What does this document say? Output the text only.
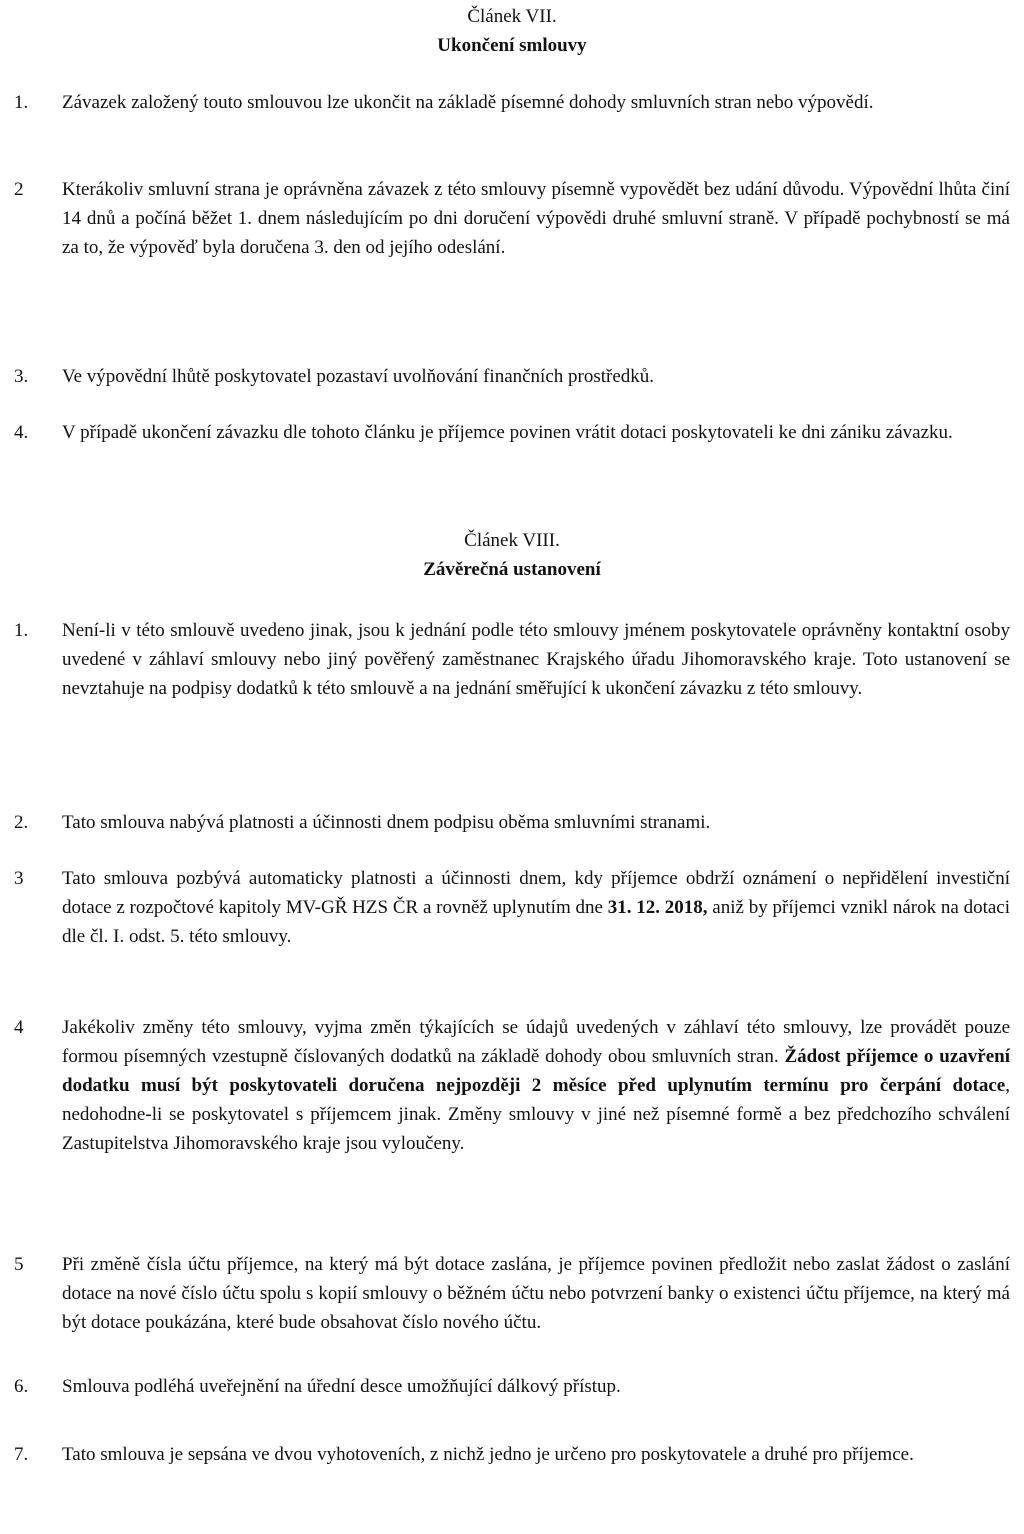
Článek VII.
Ukončení smlouvy
1.	Závazek založený touto smlouvou lze ukončit na základě písemné dohody smluvních stran nebo výpovědí.
2	Kterákoliv smluvní strana je oprávněna závazek z této smlouvy písemně vypovědět bez udání důvodu. Výpovědní lhůta činí 14 dnů a počíná běžet 1. dnem následujícím po dni doručení výpovědi druhé smluvní straně. V případě pochybností se má za to, že výpověď byla doručena 3. den od jejího odeslání.
3.	Ve výpovědní lhůtě poskytovatel pozastaví uvolňování finančních prostředků.
4.	V případě ukončení závazku dle tohoto článku je příjemce povinen vrátit dotaci poskytovateli ke dni zániku závazku.
Článek VIII.
Závěrečná ustanovení
1.	Není-li v této smlouvě uvedeno jinak, jsou k jednání podle této smlouvy jménem poskytovatele oprávněny kontaktní osoby uvedené v záhlaví smlouvy nebo jiný pověřený zaměstnanec Krajského úřadu Jihomoravského kraje. Toto ustanovení se nevztahuje na podpisy dodatků k této smlouvě a na jednání směřující k ukončení závazku z této smlouvy.
2.	Tato smlouva nabývá platnosti a účinnosti dnem podpisu oběma smluvními stranami.
3	Tato smlouva pozbývá automaticky platnosti a účinnosti dnem, kdy příjemce obdrží oznámení o nepřidělení investiční dotace z rozpočtové kapitoly MV-GŘ HZS ČR a rovněž uplynutím dne 31. 12. 2018, aniž by příjemci vznikl nárok na dotaci dle čl. I. odst. 5. této smlouvy.
4	Jakékoliv změny této smlouvy, vyjma změn týkajících se údajů uvedených v záhlaví této smlouvy, lze provádět pouze formou písemných vzestupně číslovaných dodatků na základě dohody obou smluvních stran. Žádost příjemce o uzavření dodatku musí být poskytovateli doručena nejpozději 2 měsíce před uplynutím termínu pro čerpání dotace, nedohodne-li se poskytovatel s příjemcem jinak. Změny smlouvy v jiné než písemné formě a bez předchozího schválení Zastupitelstva Jihomoravského kraje jsou vyloučeny.
5	Při změně čísla účtu příjemce, na který má být dotace zaslána, je příjemce povinen předložit nebo zaslat žádost o zaslání dotace na nové číslo účtu spolu s kopií smlouvy o běžném účtu nebo potvrzení banky o existenci účtu příjemce, na který má být dotace poukázána, které bude obsahovat číslo nového účtu.
6.	Smlouva podléhá uveřejnění na úřední desce umožňující dálkový přístup.
7.	Tato smlouva je sepsána ve dvou vyhotoveních, z nichž jedno je určeno pro poskytovatele a druhé pro příjemce.
